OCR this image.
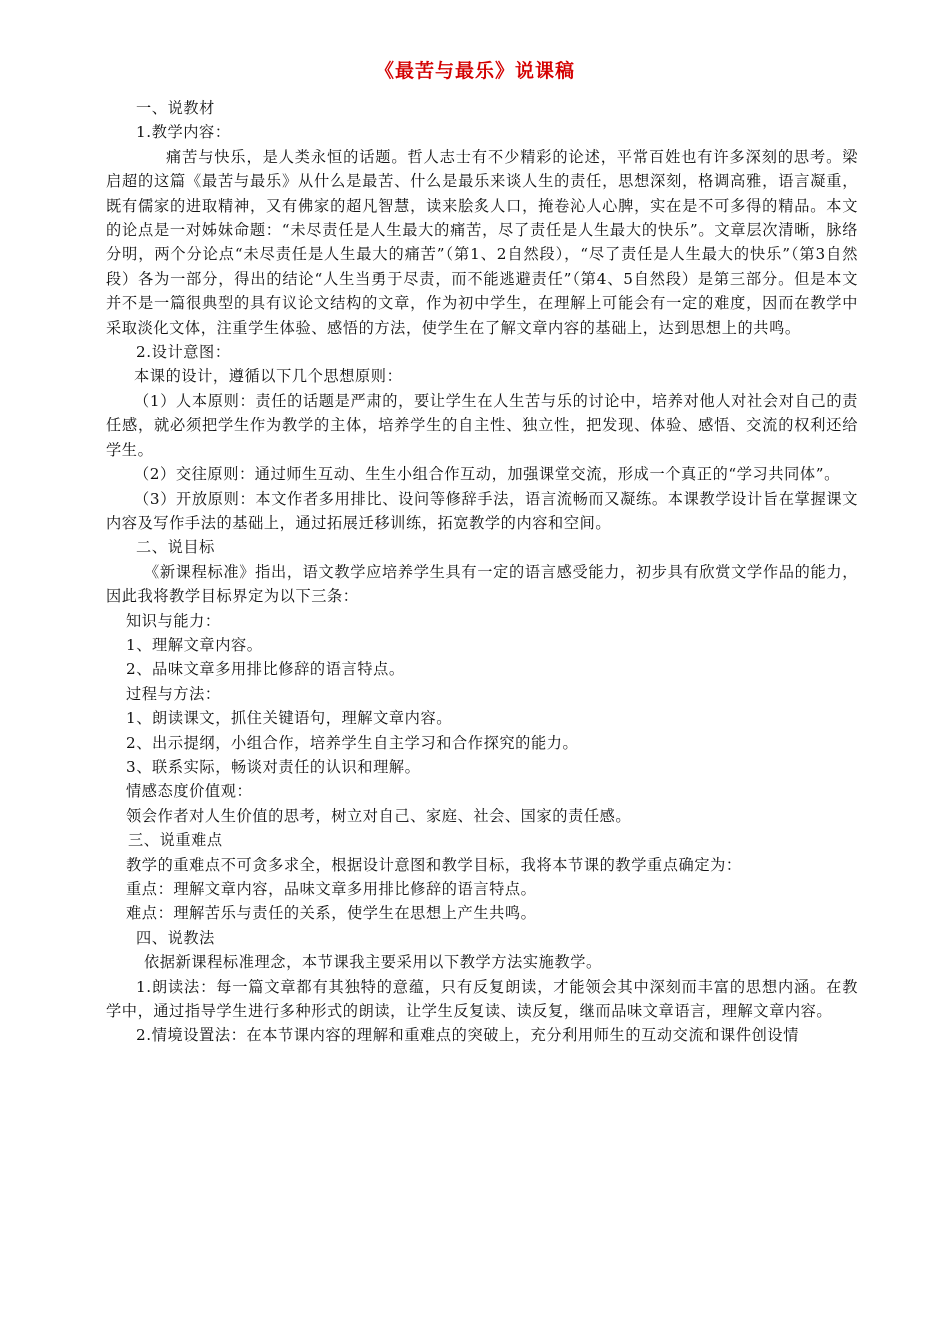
《最苦与最乐》说课稿

一、说教材

1.教学内容：

痛苦与快乐，是人类永恒的话题。哲人志士有不少精彩的论述，平常百姓也有许多深刻的思考。梁启超的这篇《最苦与最乐》从什么是最苦、什么是最乐来谈人生的责任，思想深刻，格调高雅，语言凝重，既有儒家的进取精神，又有佛家的超凡智慧，读来脍炙人口，掩卷沁人心脾，实在是不可多得的精品。本文的论点是一对姊妹命题：“未尽责任是人生最大的痛苦，尽了责任是人生最大的快乐”。文章层次清晰，脉络分明，两个分论点“未尽责任是人生最大的痛苦”（第1、2自然段），“尽了责任是人生最大的快乐”（第3自然段）各为一部分，得出的结论“人生当勇于尽责，而不能逃避责任”（第4、5自然段）是第三部分。但是本文并不是一篇很典型的具有议论文结构的文章，作为初中学生，在理解上可能会有一定的难度，因而在教学中采取淡化文体，注重学生体验、感悟的方法，使学生在了解文章内容的基础上，达到思想上的共鸣。

2.设计意图：

本课的设计，遵循以下几个思想原则：

（1）人本原则：责任的话题是严肃的，要让学生在人生苦与乐的讨论中，培养对他人对社会对自己的责任感，就必须把学生作为教学的主体，培养学生的自主性、独立性，把发现、体验、感悟、交流的权利还给学生。

（2）交往原则：通过师生互动、生生小组合作互动，加强课堂交流，形成一个真正的“学习共同体”。

（3）开放原则：本文作者多用排比、设问等修辞手法，语言流畅而又凝练。本课教学设计旨在掌握课文内容及写作手法的基础上，通过拓展迁移训练，拓宽教学的内容和空间。

二、说目标

《新课程标准》指出，语文教学应培养学生具有一定的语言感受能力，初步具有欣赏文学作品的能力，因此我将教学目标界定为以下三条：

知识与能力：

1、理解文章内容。

2、品味文章多用排比修辞的语言特点。

过程与方法：

1、朗读课文，抓住关键语句，理解文章内容。

2、出示提纲，小组合作，培养学生自主学习和合作探究的能力。

3、联系实际，畅谈对责任的认识和理解。

情感态度价值观：

领会作者对人生价值的思考，树立对自己、家庭、社会、国家的责任感。

三、说重难点

教学的重难点不可贪多求全，根据设计意图和教学目标，我将本节课的教学重点确定为：

重点：理解文章内容，品味文章多用排比修辞的语言特点。

难点：理解苦乐与责任的关系，使学生在思想上产生共鸣。

四、说教法

依据新课程标准理念，本节课我主要采用以下教学方法实施教学。

1.朗读法：每一篇文章都有其独特的意蕴，只有反复朗读，才能领会其中深刻而丰富的思想内涵。在教学中，通过指导学生进行多种形式的朗读，让学生反复读、读反复，继而品味文章语言，理解文章内容。

2.情境设置法：在本节课内容的理解和重难点的突破上，充分利用师生的互动交流和课件创设情
